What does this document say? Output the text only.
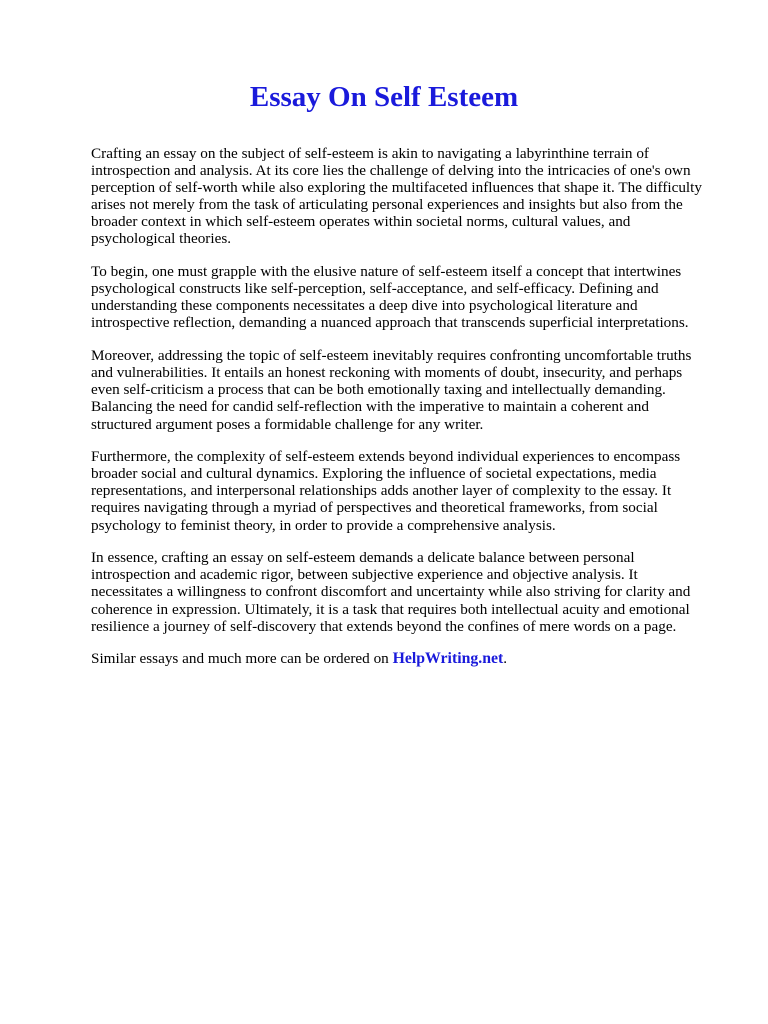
Essay On Self Esteem

Crafting an essay on the subject of self-esteem is akin to navigating a labyrinthine terrain of
introspection and analysis. At its core lies the challenge of delving into the intricacies of one's own
perception of self-worth while also exploring the multifaceted influences that shape it. The difficulty
arises not merely from the task of articulating personal experiences and insights but also from the
broader context in which self-esteem operates within societal norms, cultural values, and
psychological theories.

To begin, one must grapple with the elusive nature of self-esteem itself a concept that intertwines
psychological constructs like self-perception, self-acceptance, and self-efficacy. Defining and
understanding these components necessitates a deep dive into psychological literature and
introspective reflection, demanding a nuanced approach that transcends superficial interpretations.

Moreover, addressing the topic of self-esteem inevitably requires confronting uncomfortable truths
and vulnerabilities. It entails an honest reckoning with moments of doubt, insecurity, and perhaps
even self-criticism a process that can be both emotionally taxing and intellectually demanding.
Balancing the need for candid self-reflection with the imperative to maintain a coherent and
structured argument poses a formidable challenge for any writer.

Furthermore, the complexity of self-esteem extends beyond individual experiences to encompass
broader social and cultural dynamics. Exploring the influence of societal expectations, media
representations, and interpersonal relationships adds another layer of complexity to the essay. It
requires navigating through a myriad of perspectives and theoretical frameworks, from social
psychology to feminist theory, in order to provide a comprehensive analysis.

In essence, crafting an essay on self-esteem demands a delicate balance between personal
introspection and academic rigor, between subjective experience and objective analysis. It
necessitates a willingness to confront discomfort and uncertainty while also striving for clarity and
coherence in expression. Ultimately, it is a task that requires both intellectual acuity and emotional
resilience a journey of self-discovery that extends beyond the confines of mere words on a page.

Similar essays and much more can be ordered on HelpWriting.net.
